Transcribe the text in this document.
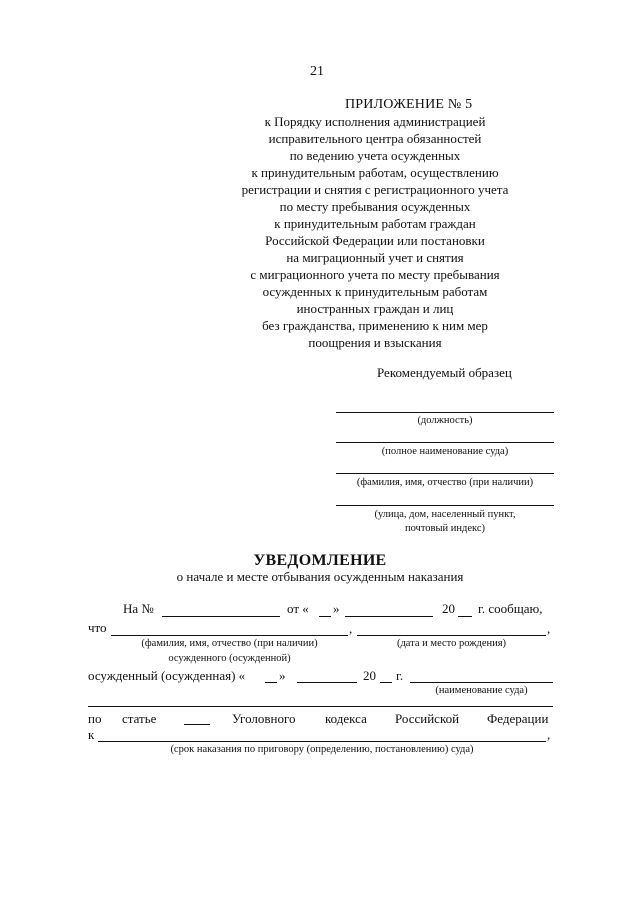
21
ПРИЛОЖЕНИЕ № 5
к Порядку исполнения администрацией
исправительного центра обязанностей
по ведению учета осужденных
к принудительным работам, осуществлению
регистрации и снятия с регистрационного учета
по месту пребывания осужденных
к принудительным работам граждан
Российской Федерации или постановки
на миграционный учет и снятия
с миграционного учета по месту пребывания
осужденных к принудительным работам
иностранных граждан и лиц
без гражданства, применению к ним мер
поощрения и взыскания
Рекомендуемый образец
(должность)
(полное наименование суда)
(фамилия, имя, отчество (при наличии)
(улица, дом, населенный пункт,
почтовый индекс)
УВЕДОМЛЕНИЕ
о начале и месте отбывания осужденным наказания
На №	от « »	20 г. сообщаю,
что	,	,
(фамилия, имя, отчество (при наличии)	(дата и место рождения)
осужденного (осужденной)
осужденный (осужденная) «	»	20 г.
(наименование суда)
по статье	Уголовного кодекса Российской Федерации
к	,
(срок наказания по приговору (определению, постановлению) суда)
